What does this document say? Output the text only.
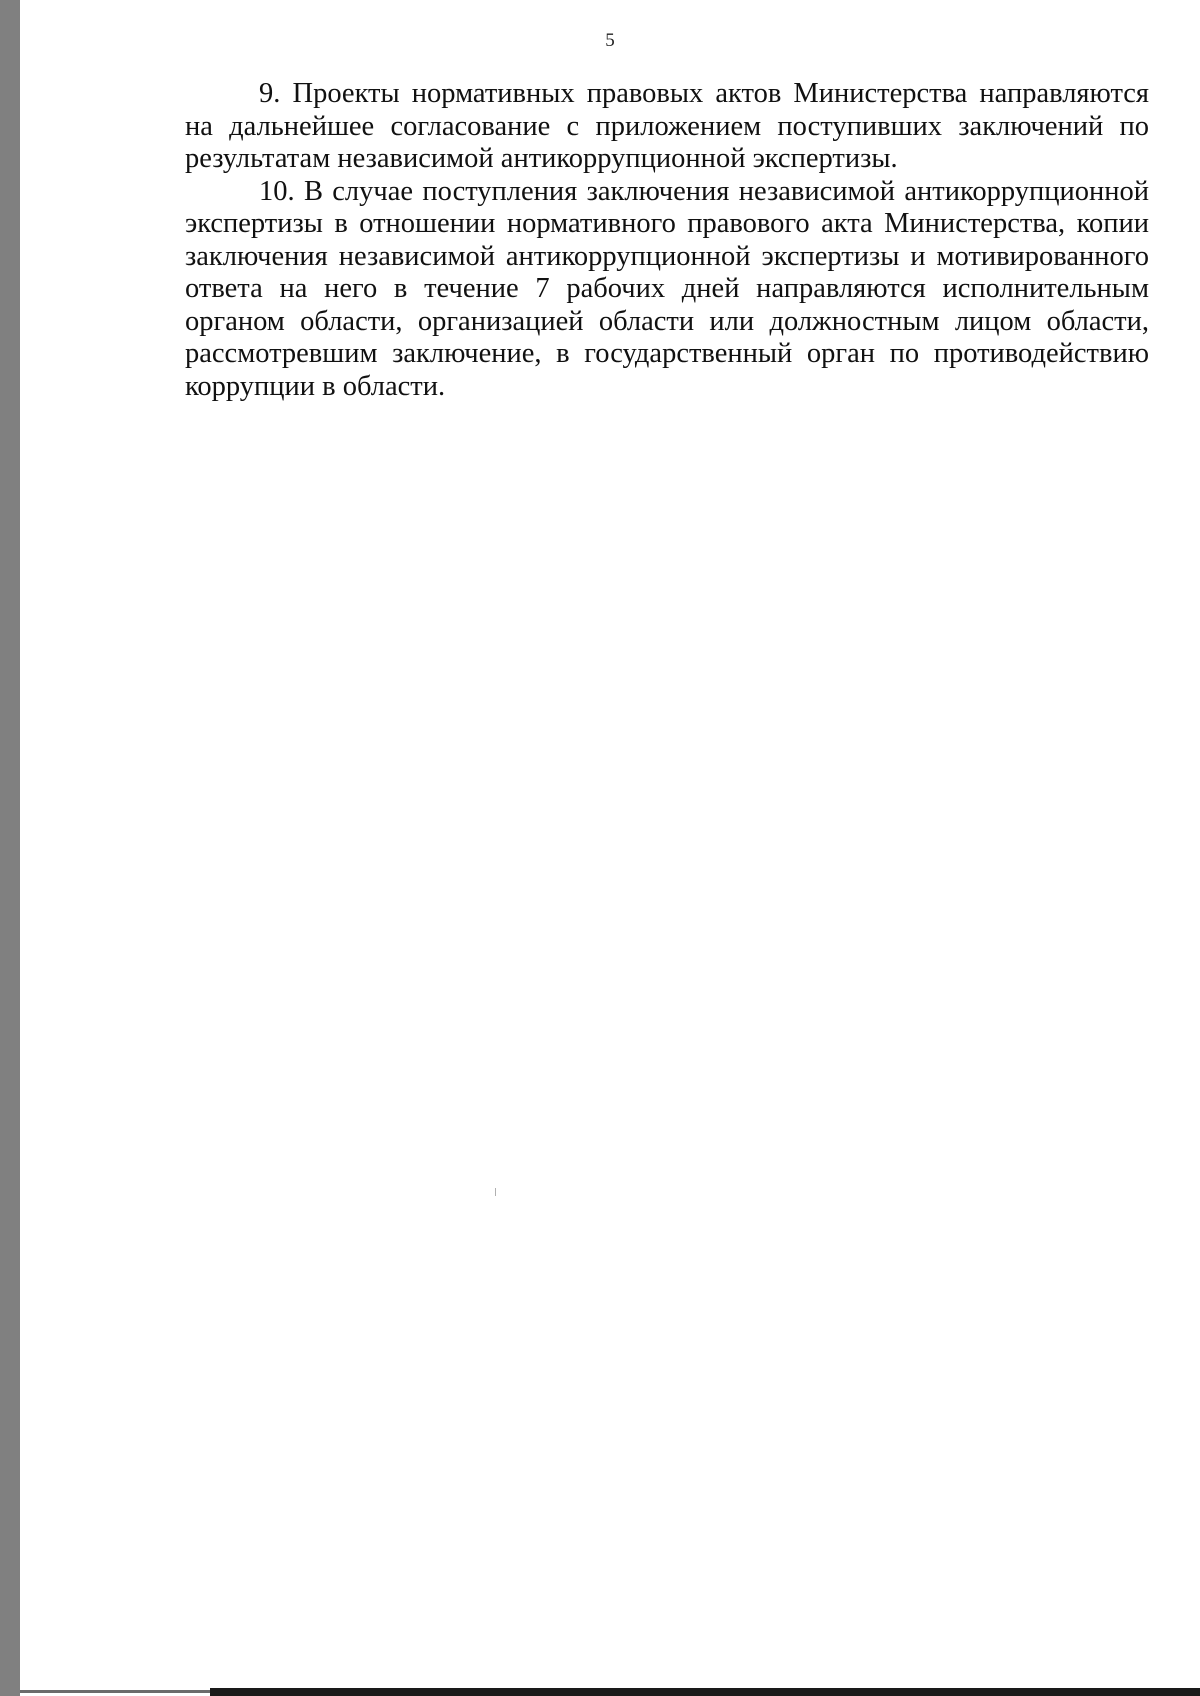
5

9. Проекты нормативных правовых актов Министерства направляются на дальнейшее согласование с приложением поступивших заключений по результатам независимой антикоррупционной экспертизы.

10. В случае поступления заключения независимой антикоррупционной экспертизы в отношении нормативного правового акта Министерства, копии заключения независимой антикоррупционной экспертизы и мотивированного ответа на него в течение 7 рабочих дней направляются исполнительным органом области, организацией области или должностным лицом области, рассмотревшим заключение, в государственный орган по противодействию коррупции в области.
